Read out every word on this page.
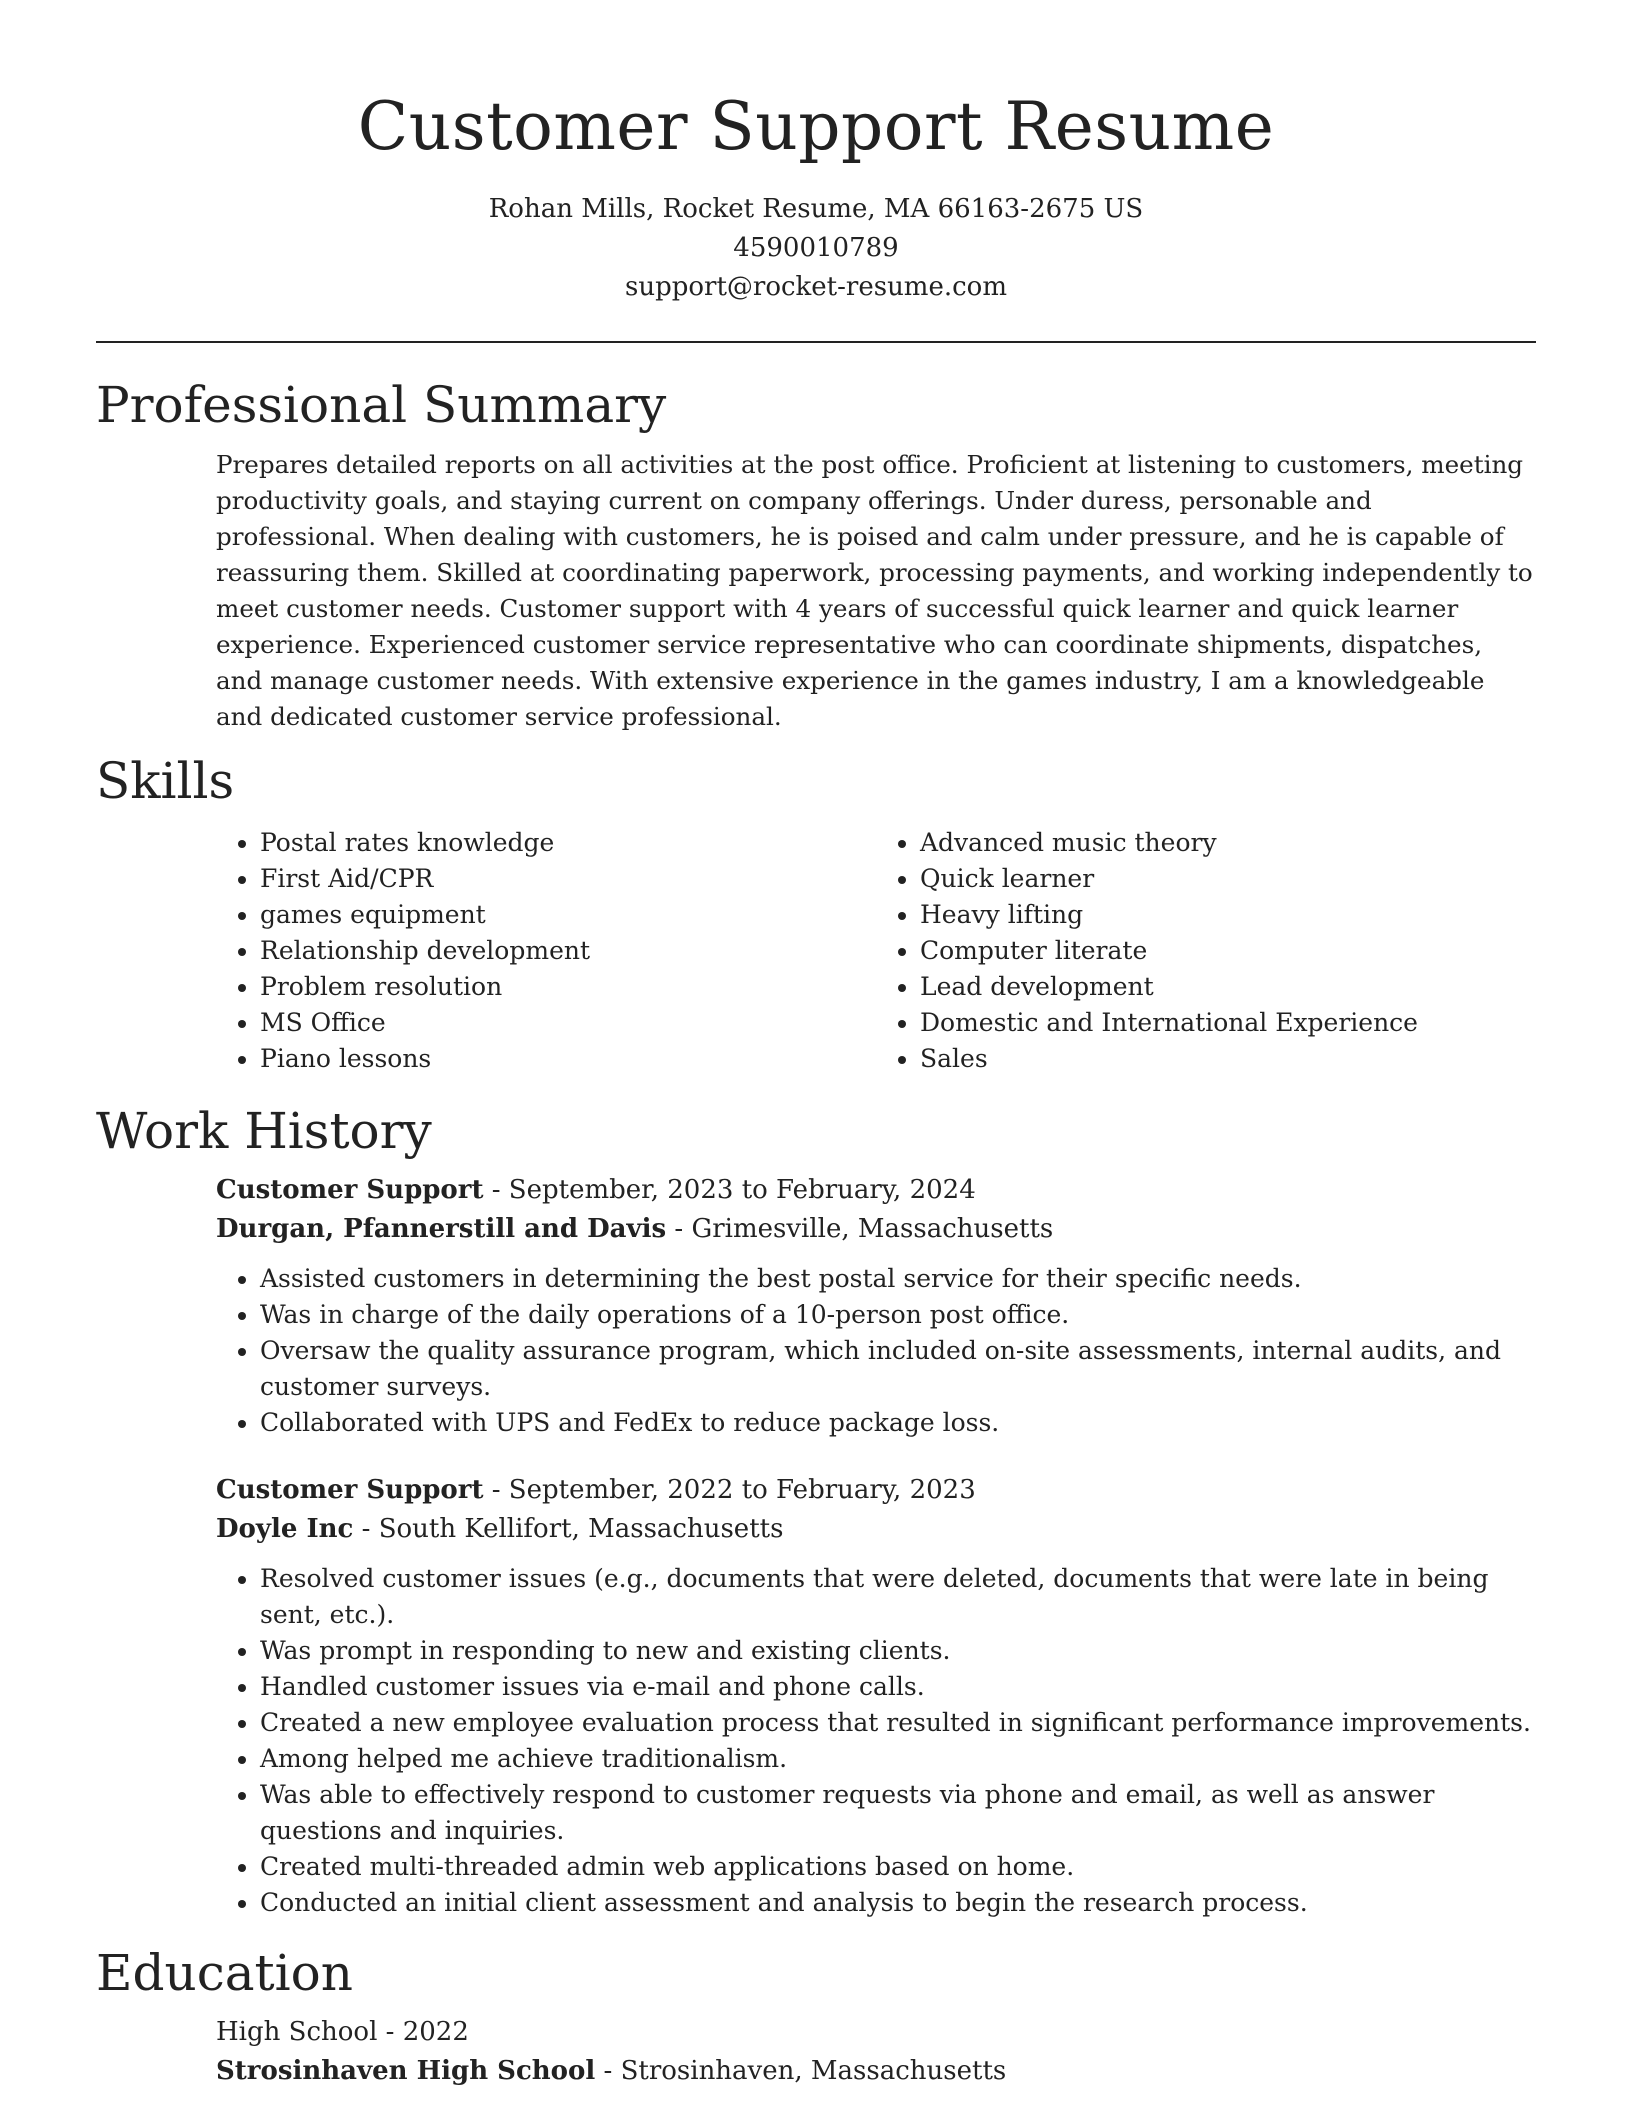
Customer Support Resume
Rohan Mills, Rocket Resume, MA 66163-2675 US
4590010789
support@rocket-resume.com
Professional Summary

Prepares detailed reports on all activities at the post office. Proficient at listening to customers, meeting productivity goals, and staying current on company offerings. Under duress, personable and professional. When dealing with customers, he is poised and calm under pressure, and he is capable of reassuring them. Skilled at coordinating paperwork, processing payments, and working independently to meet customer needs. Customer support with 4 years of successful quick learner and quick learner experience. Experienced customer service representative who can coordinate shipments, dispatches, and manage customer needs. With extensive experience in the games industry, I am a knowledgeable and dedicated customer service professional.

Skills
• Postal rates knowledge
• First Aid/CPR
• games equipment
• Relationship development
• Problem resolution
• MS Office
• Piano lessons
• Advanced music theory
• Quick learner
• Heavy lifting
• Computer literate
• Lead development
• Domestic and International Experience
• Sales
Work History
Customer Support - September, 2023 to February, 2024
Durgan, Pfannerstill and Davis - Grimesville, Massachusetts
• Assisted customers in determining the best postal service for their specific needs.
• Was in charge of the daily operations of a 10-person post office.
• Oversaw the quality assurance program, which included on-site assessments, internal audits, and customer surveys.
• Collaborated with UPS and FedEx to reduce package loss.
Customer Support - September, 2022 to February, 2023
Doyle Inc - South Kellifort, Massachusetts
• Resolved customer issues (e.g., documents that were deleted, documents that were late in being sent, etc.).
• Was prompt in responding to new and existing clients.
• Handled customer issues via e-mail and phone calls.
• Created a new employee evaluation process that resulted in significant performance improvements.
• Among helped me achieve traditionalism.
• Was able to effectively respond to customer requests via phone and email, as well as answer questions and inquiries.
• Created multi-threaded admin web applications based on home.
• Conducted an initial client assessment and analysis to begin the research process.
Education
High School - 2022
Strosinhaven High School - Strosinhaven, Massachusetts
